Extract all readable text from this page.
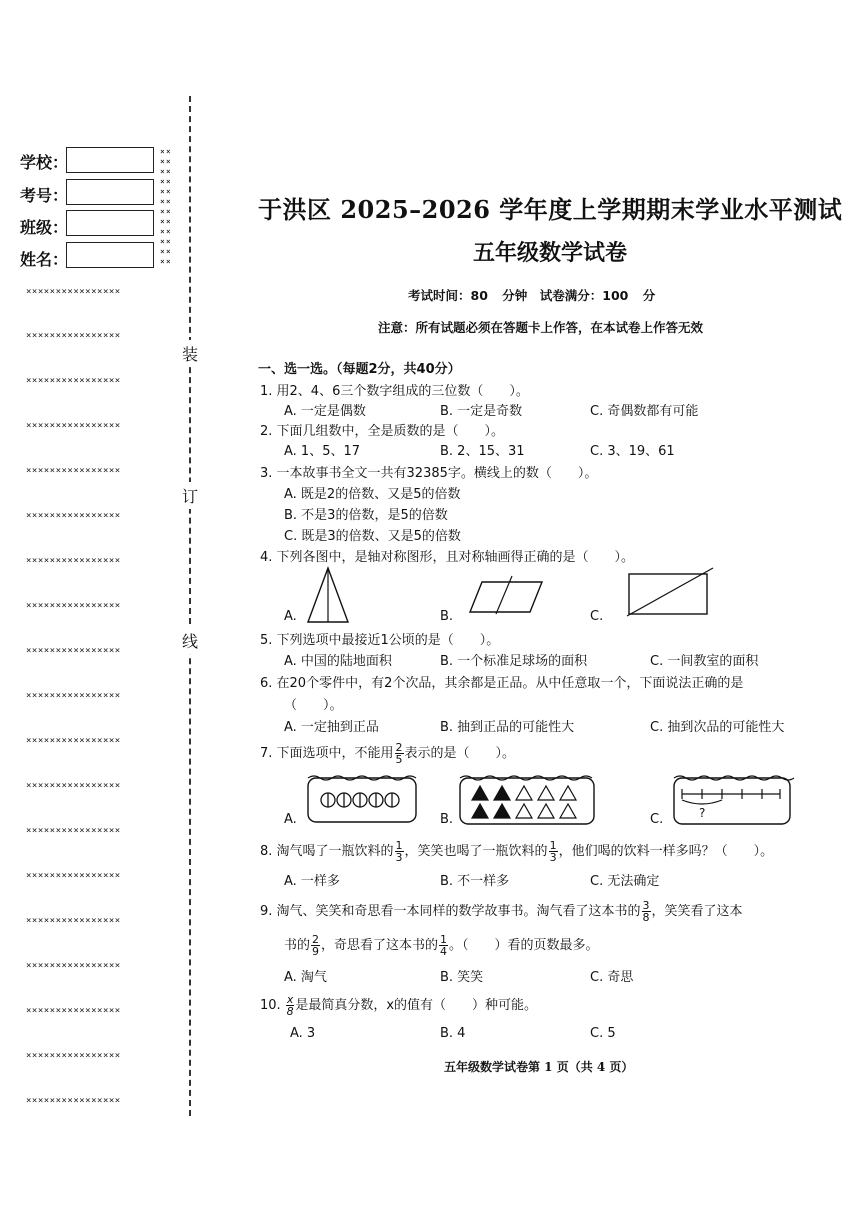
学校：
考号：
班级：
姓名：
××
××
××
××
××
××
××
××
××
××
××
××
××××××××××××××××
××××××××××××××××
××××××××××××××××
××××××××××××××××
××××××××××××××××
××××××××××××××××
××××××××××××××××
××××××××××××××××
××××××××××××××××
××××××××××××××××
××××××××××××××××
××××××××××××××××
××××××××××××××××
××××××××××××××××
××××××××××××××××
××××××××××××××××
××××××××××××××××
××××××××××××××××
××××××××××××××××
装
订
线
于洪区 2025–2026 学年度上学期期末学业水平测试
五年级数学试卷
考试时间：80 分钟　试卷满分：100 分
注意：所有试题必须在答题卡上作答，在本试卷上作答无效
一、选一选。（每题2分，共40分）
1. 用2、4、6三个数字组成的三位数（　　）。
A. 一定是偶数	B. 一定是奇数	C. 奇偶数都有可能
2. 下面几组数中，全是质数的是（　　）。
A. 1、5、17	B. 2、15、31	C. 3、19、61
3. 一本故事书全文一共有32385字。横线上的数（　　）。
A. 既是2的倍数、又是5的倍数
B. 不是3的倍数，是5的倍数
C. 既是3的倍数、又是5的倍数
4. 下列各图中，是轴对称图形，且对称轴画得正确的是（　　）。
A.	B.	C.
5. 下列选项中最接近1公顷的是（　　）。
A. 中国的陆地面积	B. 一个标准足球场的面积	C. 一间教室的面积
6. 在20个零件中，有2个次品，其余都是正品。从中任意取一个，下面说法正确的是
（　　）。
A. 一定抽到正品	B. 抽到正品的可能性大	C. 抽到次品的可能性大
7. 下面选项中，不能用 $\frac{2}{5}$ 表示的是（　　）。
A.	B.	C.	?
8. 淘气喝了一瓶饮料的 $\frac{1}{3}$ ，笑笑也喝了一瓶饮料的 $\frac{1}{3}$ ，他们喝的饮料一样多吗？（　　）。
A. 一样多	B. 不一样多	C. 无法确定
9. 淘气、笑笑和奇思看一本同样的数学故事书。淘气看了这本书的 $\frac{3}{8}$ ，笑笑看了这本
书的 $\frac{2}{9}$ ，奇思看了这本书的 $\frac{1}{4}$ 。（　　）看的页数最多。
A. 淘气	B. 笑笑	C. 奇思
10. $\frac{x}{8}$ 是最简真分数，x的值有（　　）种可能。
A. 3	B. 4	C. 5
五年级数学试卷第 1 页（共 4 页）
